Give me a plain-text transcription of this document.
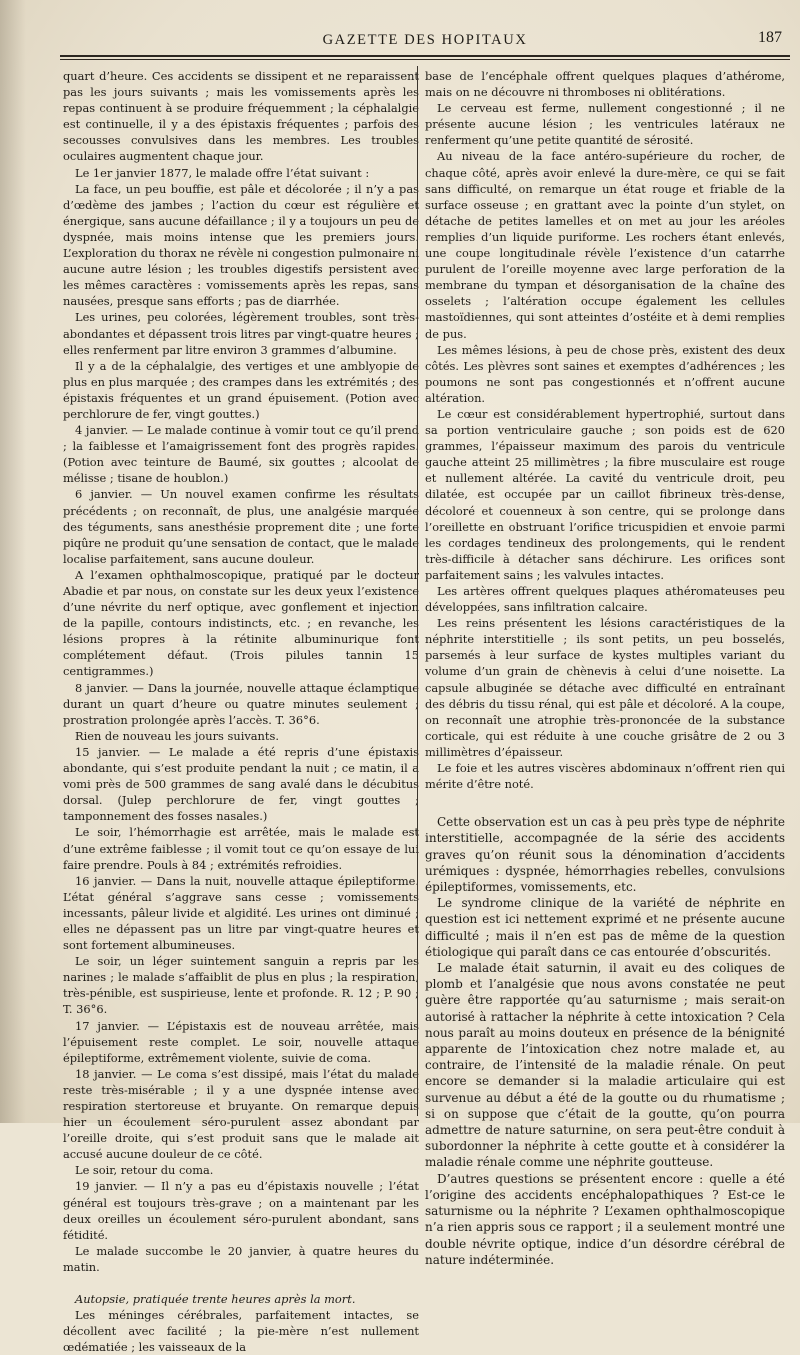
GAZETTE DES HOPITAUX	187

quart d’heure. Ces accidents se dissipent et ne reparaissent pas les jours suivants ; mais les vomissements après les repas continuent à se produire fréquemment ; la céphalalgie est continuelle, il y a des épistaxis fréquentes ; parfois des secousses convulsives dans les membres. Les troubles oculaires augmentent chaque jour.

Le 1er janvier 1877, le malade offre l’état suivant :

La face, un peu bouffie, est pâle et décolorée ; il n’y a pas d’œdème des jambes ; l’action du cœur est régulière et énergique, sans aucune défaillance ; il y a toujours un peu de dyspnée, mais moins intense que les premiers jours. L’exploration du thorax ne révèle ni congestion pulmonaire ni aucune autre lésion ; les troubles digestifs persistent avec les mêmes caractères : vomissements après les repas, sans nausées, presque sans efforts ; pas de diarrhée.

Les urines, peu colorées, légèrement troubles, sont très-abondantes et dépassent trois litres par vingt-quatre heures ; elles renferment par litre environ 3 grammes d’albumine.

Il y a de la céphalalgie, des vertiges et une amblyopie de plus en plus marquée ; des crampes dans les extrémités ; des épistaxis fréquentes et un grand épuisement. (Potion avec perchlorure de fer, vingt gouttes.)

4 janvier. — Le malade continue à vomir tout ce qu’il prend ; la faiblesse et l’amaigrissement font des progrès rapides. (Potion avec teinture de Baumé, six gouttes ; alcoolat de mélisse ; tisane de houblon.)

6 janvier. — Un nouvel examen confirme les résultats précédents ; on reconnaît, de plus, une analgésie marquée des téguments, sans anesthésie proprement dite ; une forte piqûre ne produit qu’une sensation de contact, que le malade localise parfaitement, sans aucune douleur.

A l’examen ophthalmoscopique, pratiqué par le docteur Abadie et par nous, on constate sur les deux yeux l’existence d’une névrite du nerf optique, avec gonflement et injection de la papille, contours indistincts, etc. ; en revanche, les lésions propres à la rétinite albuminurique font complétement défaut. (Trois pilules tannin 15 centigrammes.)

8 janvier. — Dans la journée, nouvelle attaque éclamptique durant un quart d’heure ou quatre minutes seulement ; prostration prolongée après l’accès. T. 36°6.

Rien de nouveau les jours suivants.

15 janvier. — Le malade a été repris d’une épistaxis abondante, qui s’est produite pendant la nuit ; ce matin, il a vomi près de 500 grammes de sang avalé dans le décubitus dorsal. (Julep perchlorure de fer, vingt gouttes ; tamponnement des fosses nasales.)

Le soir, l’hémorrhagie est arrêtée, mais le malade est d’une extrême faiblesse ; il vomit tout ce qu’on essaye de lui faire prendre. Pouls à 84 ; extrémités refroidies.

16 janvier. — Dans la nuit, nouvelle attaque épileptiforme. L’état général s’aggrave sans cesse ; vomissements incessants, pâleur livide et algidité. Les urines ont diminué ; elles ne dépassent pas un litre par vingt-quatre heures et sont fortement albumineuses.

Le soir, un léger suintement sanguin a repris par les narines ; le malade s’affaiblit de plus en plus ; la respiration, très-pénible, est suspirieuse, lente et profonde. R. 12 ; P. 90 ; T. 36°6.

17 janvier. — L’épistaxis est de nouveau arrêtée, mais l’épuisement reste complet. Le soir, nouvelle attaque épileptiforme, extrêmement violente, suivie de coma.

18 janvier. — Le coma s’est dissipé, mais l’état du malade reste très-misérable ; il y a une dyspnée intense avec respiration stertoreuse et bruyante. On remarque depuis hier un écoulement séro-purulent assez abondant par l’oreille droite, qui s’est produit sans que le malade ait accusé aucune douleur de ce côté.

Le soir, retour du coma.

19 janvier. — Il n’y a pas eu d’épistaxis nouvelle ; l’état général est toujours très-grave ; on a maintenant par les deux oreilles un écoulement séro-purulent abondant, sans fétidité.

Le malade succombe le 20 janvier, à quatre heures du matin.

Autopsie, pratiquée trente heures après la mort.

Les méninges cérébrales, parfaitement intactes, se décollent avec facilité ; la pie-mère n’est nullement œdématiée ; les vaisseaux de la

base de l’encéphale offrent quelques plaques d’athérome, mais on ne découvre ni thromboses ni oblitérations.

Le cerveau est ferme, nullement congestionné ; il ne présente aucune lésion ; les ventricules latéraux ne renferment qu’une petite quantité de sérosité.

Au niveau de la face antéro-supérieure du rocher, de chaque côté, après avoir enlevé la dure-mère, ce qui se fait sans difficulté, on remarque un état rouge et friable de la surface osseuse ; en grattant avec la pointe d’un stylet, on détache de petites lamelles et on met au jour les aréoles remplies d’un liquide puriforme. Les rochers étant enlevés, une coupe longitudinale révèle l’existence d’un catarrhe purulent de l’oreille moyenne avec large perforation de la membrane du tympan et désorganisation de la chaîne des osselets ; l’altération occupe également les cellules mastoïdiennes, qui sont atteintes d’ostéite et à demi remplies de pus.

Les mêmes lésions, à peu de chose près, existent des deux côtés. Les plèvres sont saines et exemptes d’adhérences ; les poumons ne sont pas congestionnés et n’offrent aucune altération.

Le cœur est considérablement hypertrophié, surtout dans sa portion ventriculaire gauche ; son poids est de 620 grammes, l’épaisseur maximum des parois du ventricule gauche atteint 25 millimètres ; la fibre musculaire est rouge et nullement altérée. La cavité du ventricule droit, peu dilatée, est occupée par un caillot fibrineux très-dense, décoloré et couenneux à son centre, qui se prolonge dans l’oreillette en obstruant l’orifice tricuspidien et envoie parmi les cordages tendineux des prolongements, qui le rendent très-difficile à détacher sans déchirure. Les orifices sont parfaitement sains ; les valvules intactes.

Les artères offrent quelques plaques athéromateuses peu développées, sans infiltration calcaire.

Les reins présentent les lésions caractéristiques de la néphrite interstitielle ; ils sont petits, un peu bosselés, parsemés à leur surface de kystes multiples variant du volume d’un grain de chènevis à celui d’une noisette. La capsule albuginée se détache avec difficulté en entraînant des débris du tissu rénal, qui est pâle et décoloré. A la coupe, on reconnaît une atrophie très-prononcée de la substance corticale, qui est réduite à une couche grisâtre de 2 ou 3 millimètres d’épaisseur.

Le foie et les autres viscères abdominaux n’offrent rien qui mérite d’être noté.

Cette observation est un cas à peu près type de néphrite interstitielle, accompagnée de la série des accidents graves qu’on réunit sous la dénomination d’accidents urémiques : dyspnée, hémorrhagies rebelles, convulsions épileptiformes, vomissements, etc.

Le syndrome clinique de la variété de néphrite en question est ici nettement exprimé et ne présente aucune difficulté ; mais il n’en est pas de même de la question étiologique qui paraît dans ce cas entourée d’obscurités.

Le malade était saturnin, il avait eu des coliques de plomb et l’analgésie que nous avons constatée ne peut guère être rapportée qu’au saturnisme ; mais serait-on autorisé à rattacher la néphrite à cette intoxication ? Cela nous paraît au moins douteux en présence de la bénignité apparente de l’intoxication chez notre malade et, au contraire, de l’intensité de la maladie rénale. On peut encore se demander si la maladie articulaire qui est survenue au début a été de la goutte ou du rhumatisme ; si on suppose que c’était de la goutte, qu’on pourra admettre de nature saturnine, on sera peut-être conduit à subordonner la néphrite à cette goutte et à considérer la maladie rénale comme une néphrite goutteuse.

D’autres questions se présentent encore : quelle a été l’origine des accidents encéphalopathiques ? Est-ce le saturnisme ou la néphrite ? L’examen ophthalmoscopique n’a rien appris sous ce rapport ; il a seulement montré une double névrite optique, indice d’un désordre cérébral de nature indéterminée.
